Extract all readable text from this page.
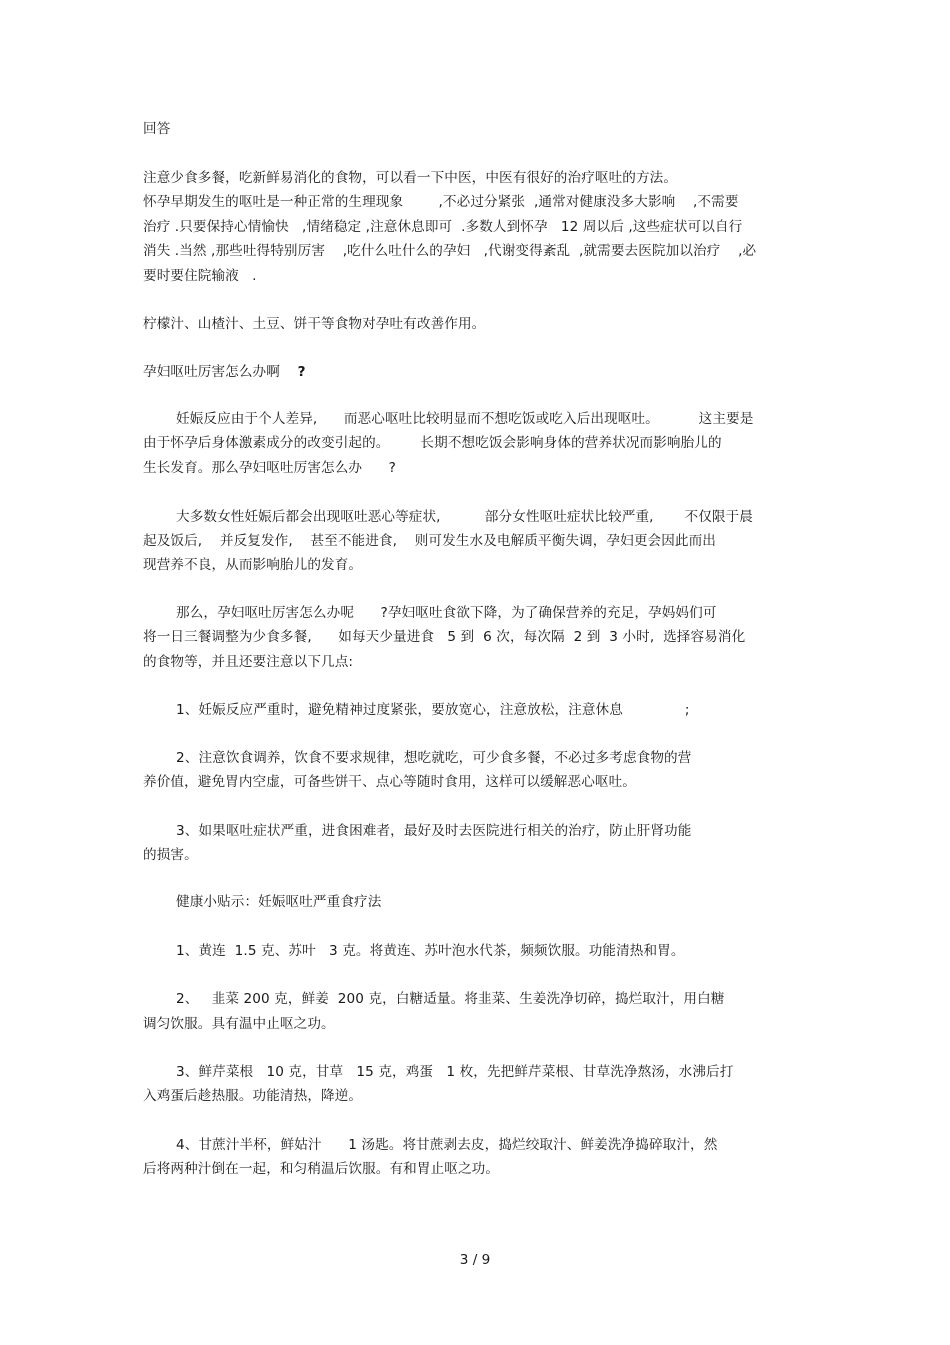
回答
注意少食多餐，吃新鲜易消化的食物，可以看一下中医，中医有很好的治疗呕吐的方法。
怀孕早期发生的呕吐是一种正常的生理现象        ,不必过分紧张  ,通常对健康没多大影响    ,不需要
治疗 .只要保持心情愉快   ,情绪稳定 ,注意休息即可  .多数人到怀孕   12 周以后 ,这些症状可以自行
消失 .当然 ,那些吐得特别厉害    ,吃什么吐什么的孕妇   ,代谢变得紊乱  ,就需要去医院加以治疗    ,必
要时要住院输液   .
柠檬汁、山楂汁、土豆、饼干等食物对孕吐有改善作用。
孕妇呕吐厉害怎么办啊    ?
妊娠反应由于个人差异,      而恶心呕吐比较明显而不想吃饭或吃入后出现呕吐。         这主要是
由于怀孕后身体激素成分的改变引起的。       长期不想吃饭会影响身体的营养状况而影响胎儿的
生长发育。那么孕妇呕吐厉害怎么办      ?
大多数女性妊娠后都会出现呕吐恶心等症状,          部分女性呕吐症状比较严重,       不仅限于晨
起及饭后,    并反复发作,    甚至不能进食,    则可发生水及电解质平衡失调，孕妇更会因此而出
现营养不良，从而影响胎儿的发育。
那么，孕妇呕吐厉害怎么办呢      ?孕妇呕吐食欲下降，为了确保营养的充足，孕妈妈们可
将一日三餐调整为少食多餐,      如每天少量进食   5 到  6 次，每次隔  2 到  3 小时,  选择容易消化
的食物等，并且还要注意以下几点:
1、妊娠反应严重时，避免精神过度紧张，要放宽心，注意放松，注意休息              ;
2、注意饮食调养，饮食不要求规律，想吃就吃，可少食多餐，不必过多考虑食物的营
养价值，避免胃内空虚，可备些饼干、点心等随时食用，这样可以缓解恶心呕吐。
3、如果呕吐症状严重，进食困难者，最好及时去医院进行相关的治疗，防止肝肾功能
的损害。
健康小贴示：妊娠呕吐严重食疗法
1、黄连  1.5 克、苏叶   3 克。将黄连、苏叶泡水代茶，频频饮服。功能清热和胃。
2、   韭菜 200 克，鲜姜  200 克，白糖适量。将韭菜、生姜洗净切碎，捣烂取汁，用白糖
调匀饮服。具有温中止呕之功。
3、鲜芹菜根   10 克，甘草   15 克，鸡蛋   1 枚，先把鲜芹菜根、甘草洗净熬汤，水沸后打
入鸡蛋后趁热服。功能清热，降逆。
4、甘蔗汁半杯，鲜姑汁      1 汤匙。将甘蔗剥去皮，捣烂绞取汁、鲜姜洗净捣碎取汁，然
后将两种汁倒在一起，和匀稍温后饮服。有和胃止呕之功。
3 / 9
